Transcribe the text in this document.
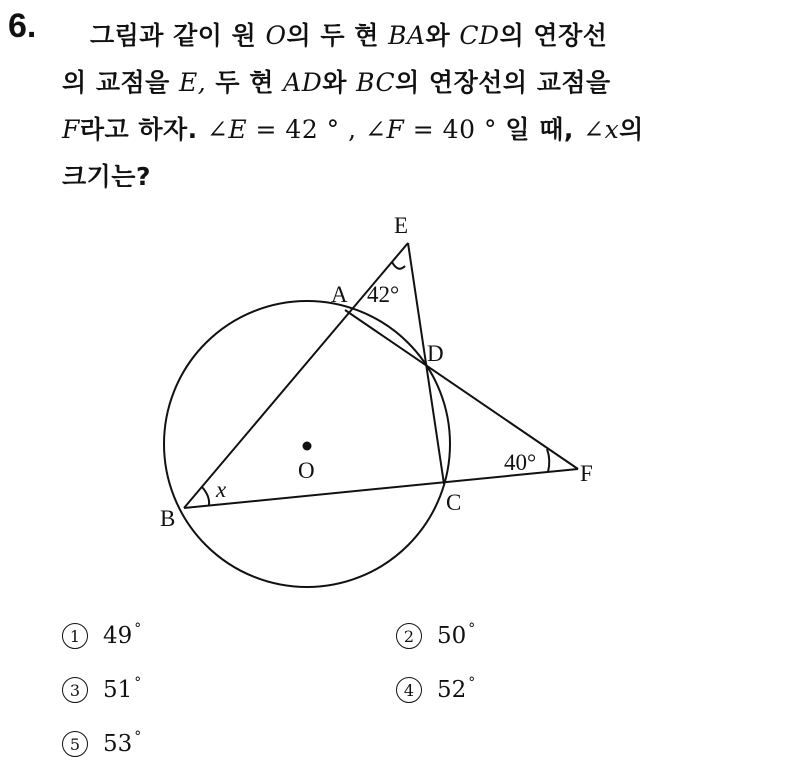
6.	그림과 같이 원 O의 두 현 BA와 CD의 연장선
의 교점을 E, 두 현 AD와 BC의 연장선의 교점을
F라고 하자. ∠E = 42 ° , ∠F = 40 ° 일 때, ∠x의
크기는?
E
A 42°
D
O	40° F
x
C
B
1 49 °	2 50 °
3 51 °	4 52 °
5 53 °
